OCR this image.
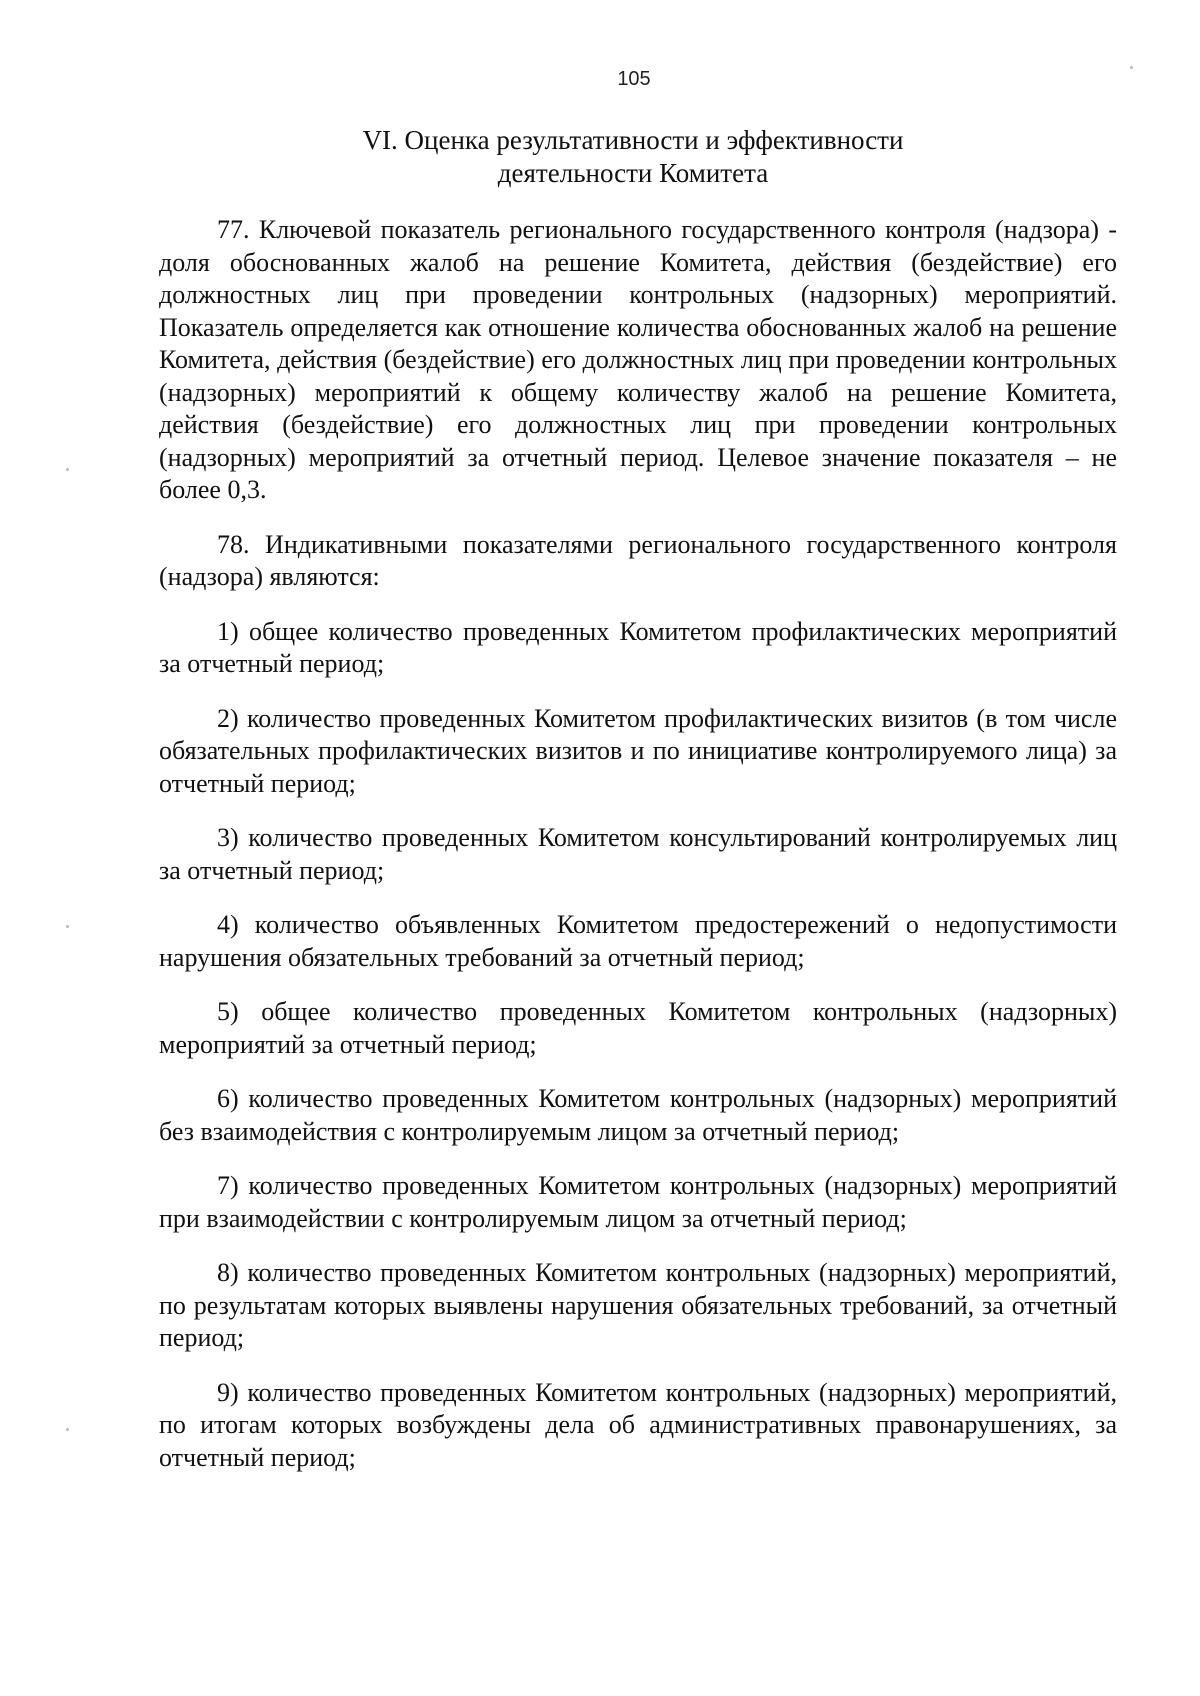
105
VI. Оценка результативности и эффективности
деятельности Комитета

77. Ключевой показатель регионального государственного контроля (надзора) - доля обоснованных жалоб на решение Комитета, действия (бездействие) его должностных лиц при проведении контрольных (надзорных) мероприятий. Показатель определяется как отношение количества обоснованных жалоб на решение Комитета, действия (бездействие) его должностных лиц при проведении контрольных (надзорных) мероприятий к общему количеству жалоб на решение Комитета, действия (бездействие) его должностных лиц при проведении контрольных (надзорных) мероприятий за отчетный период. Целевое значение показателя – не более 0,3.

78. Индикативными показателями регионального государственного контроля (надзора) являются:

1) общее количество проведенных Комитетом профилактических мероприятий за отчетный период;

2) количество проведенных Комитетом профилактических визитов (в том числе обязательных профилактических визитов и по инициативе контролируемого лица) за отчетный период;

3) количество проведенных Комитетом консультирований контролируемых лиц за отчетный период;

4) количество объявленных Комитетом предостережений о недопустимости нарушения обязательных требований за отчетный период;

5) общее количество проведенных Комитетом контрольных (надзорных) мероприятий за отчетный период;

6) количество проведенных Комитетом контрольных (надзорных) мероприятий без взаимодействия с контролируемым лицом за отчетный период;

7) количество проведенных Комитетом контрольных (надзорных) мероприятий при взаимодействии с контролируемым лицом за отчетный период;

8) количество проведенных Комитетом контрольных (надзорных) мероприятий, по результатам которых выявлены нарушения обязательных требований, за отчетный период;

9) количество проведенных Комитетом контрольных (надзорных) мероприятий, по итогам которых возбуждены дела об административных правонарушениях, за отчетный период;
